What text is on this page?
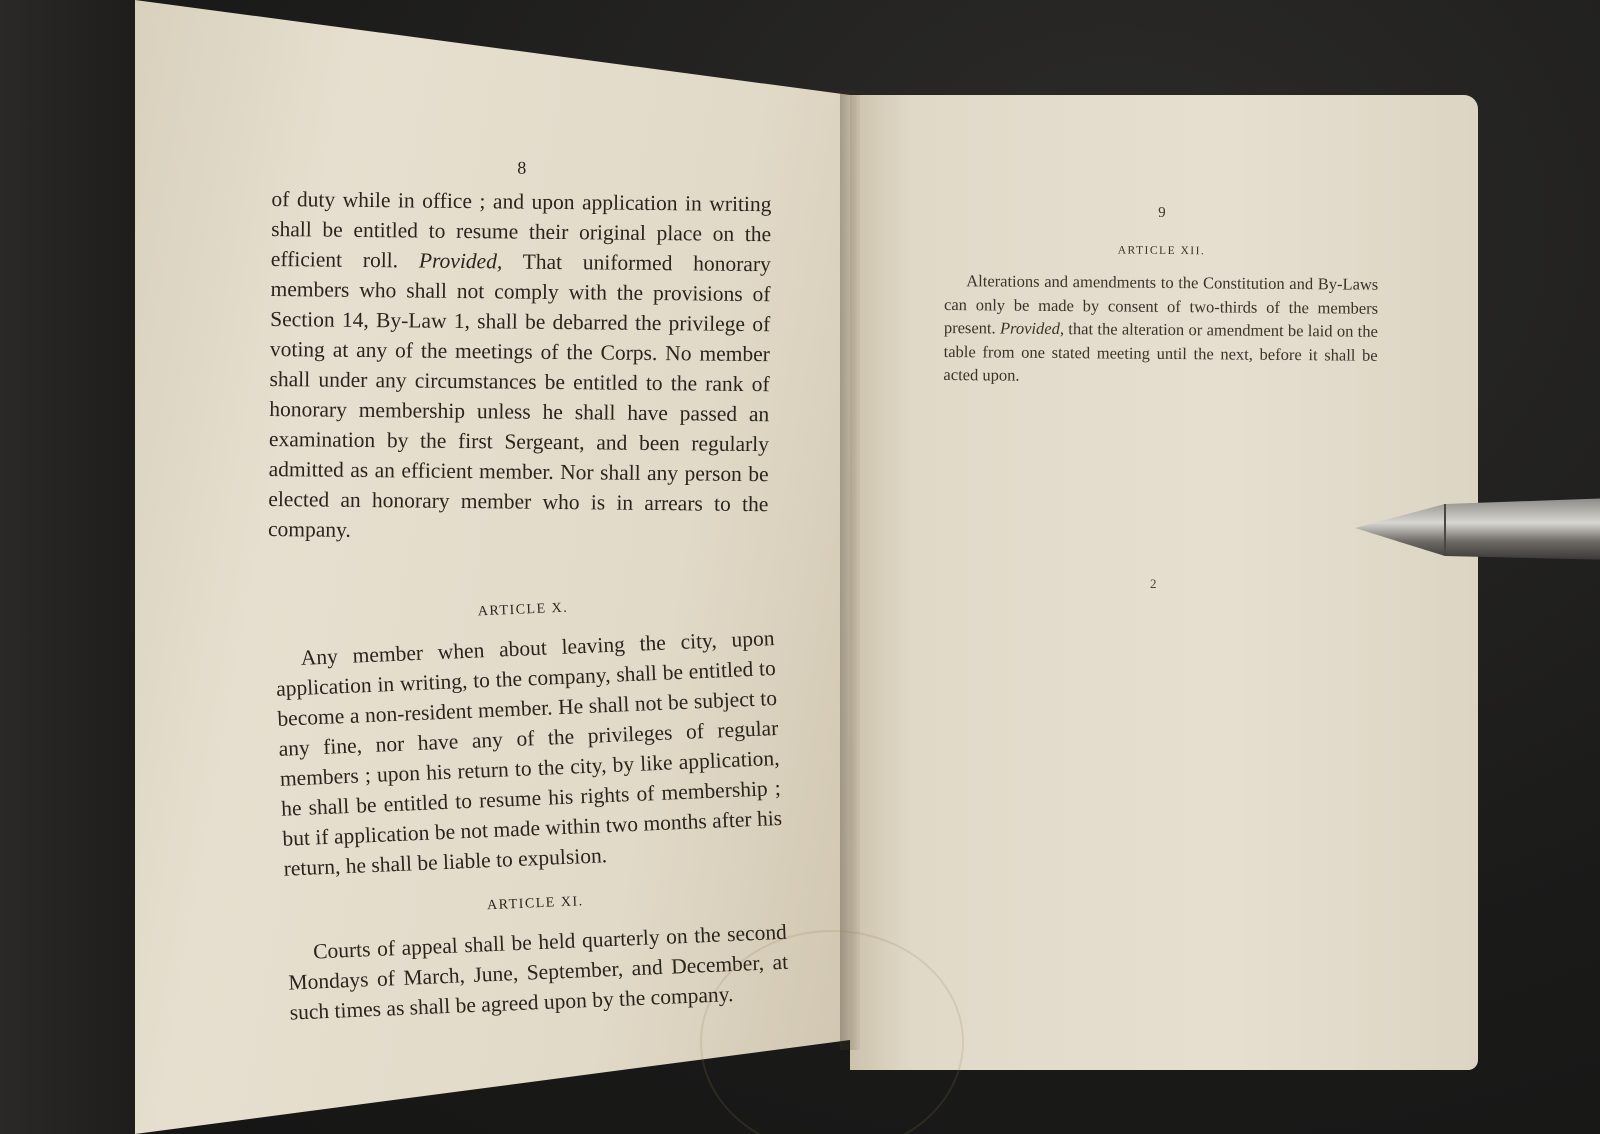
8

of duty while in office ; and upon application in writing shall be entitled to resume their original place on the efficient roll. Provided, That uniformed honorary members who shall not comply with the provisions of Section 14, By-Law 1, shall be debarred the privilege of voting at any of the meetings of the Corps. No member shall under any circumstances be entitled to the rank of honorary membership unless he shall have passed an examination by the first Sergeant, and been regularly admitted as an efficient member. Nor shall any person be elected an honorary member who is in arrears to the company.

ARTICLE X.

Any member when about leaving the city, upon application in writing, to the company, shall be entitled to become a non-resident member. He shall not be subject to any fine, nor have any of the privileges of regular members ; upon his return to the city, by like application, he shall be entitled to resume his rights of membership ; but if application be not made within two months after his return, he shall be liable to expulsion.

ARTICLE XI.

Courts of appeal shall be held quarterly on the second Mondays of March, June, September, and December, at such times as shall be agreed upon by the company.

9
ARTICLE XII.

Alterations and amendments to the Constitution and By-Laws can only be made by consent of two-thirds of the members present. Provided, that the alteration or amendment be laid on the table from one stated meeting until the next, before it shall be acted upon.

2
